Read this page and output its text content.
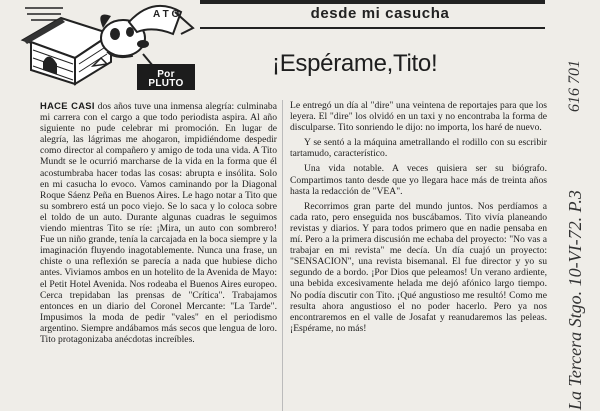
desde mi casucha
A T O
Por
PLUTO
¡Espérame,Tito!	616 701
La Tercera Stgo. 10-VI-72. P.3

HACE CASI dos años tuve una inmensa alegría: culminaba mi carrera con el cargo a que todo periodista aspira. Al año siguiente no pude celebrar mi promoción. En lugar de alegría, las lágrimas me ahogaron, impidiéndome despedir como director al compañero y amigo de toda una vida. A Tito Mundt se le ocurrió marcharse de la vida en la forma que él acostumbraba hacer todas las cosas: abrupta e insólita. Solo en mi casucha lo evoco. Vamos caminando por la Diagonal Roque Sáenz Peña en Buenos Aires. Le hago notar a Tito que su sombrero está un poco viejo. Se lo saca y lo coloca sobre el toldo de un auto. Durante algunas cuadras le seguimos viendo mientras Tito se ríe: ¡Mira, un auto con sombrero! Fue un niño grande, tenía la carcajada en la boca siempre y la imaginación fluyendo inagotablemente. Nunca una frase, un chiste o una reflexión se parecía a nada que hubiese dicho antes. Viviamos ambos en un hotelito de la Avenida de Mayo: el Petit Hotel Avenida. Nos rodeaba el Buenos Aires europeo. Cerca trepidaban las prensas de "Crítica". Trabajamos entonces en un diario del Coronel Mercante: "La Tarde". Impusimos la moda de pedir "vales" en el periodismo argentino. Siempre andábamos más secos que lengua de loro. Tito protagonizaba anécdotas increíbles.

Le entregó un día al "dire" una veintena de reportajes para que los leyera. El "dire" los olvidó en un taxi y no encontraba la forma de disculparse. Tito sonriendo le dijo: no importa, los haré de nuevo.

Y se sentó a la máquina ametrallando el rodillo con su escribir tartamudo, característico.

Una vida notable. A veces quisiera ser su biógrafo. Compartimos tanto desde que yo llegara hace más de treinta años hasta la redacción de "VEA".

Recorrimos gran parte del mundo juntos. Nos perdíamos a cada rato, pero enseguida nos buscábamos. Tito vivía planeando revistas y diarios. Y para todos primero que en nadie pensaba en mí. Pero a la primera discusión me echaba del proyecto: "No vas a trabajar en mi revista" me decía. Un día cuajó un proyecto: "SENSACION", una revista bisemanal. El fue director y yo su segundo de a bordo. ¡Por Dios que peleamos! Un verano ardiente, una bebida excesivamente helada me dejó afónico largo tiempo. No podía discutir con Tito. ¡Qué angustioso me resultó! Como me resulta ahora angustioso el no poder hacerlo. Pero ya nos encontraremos en el valle de Josafat y reanudaremos las peleas. ¡Espérame, no más!
